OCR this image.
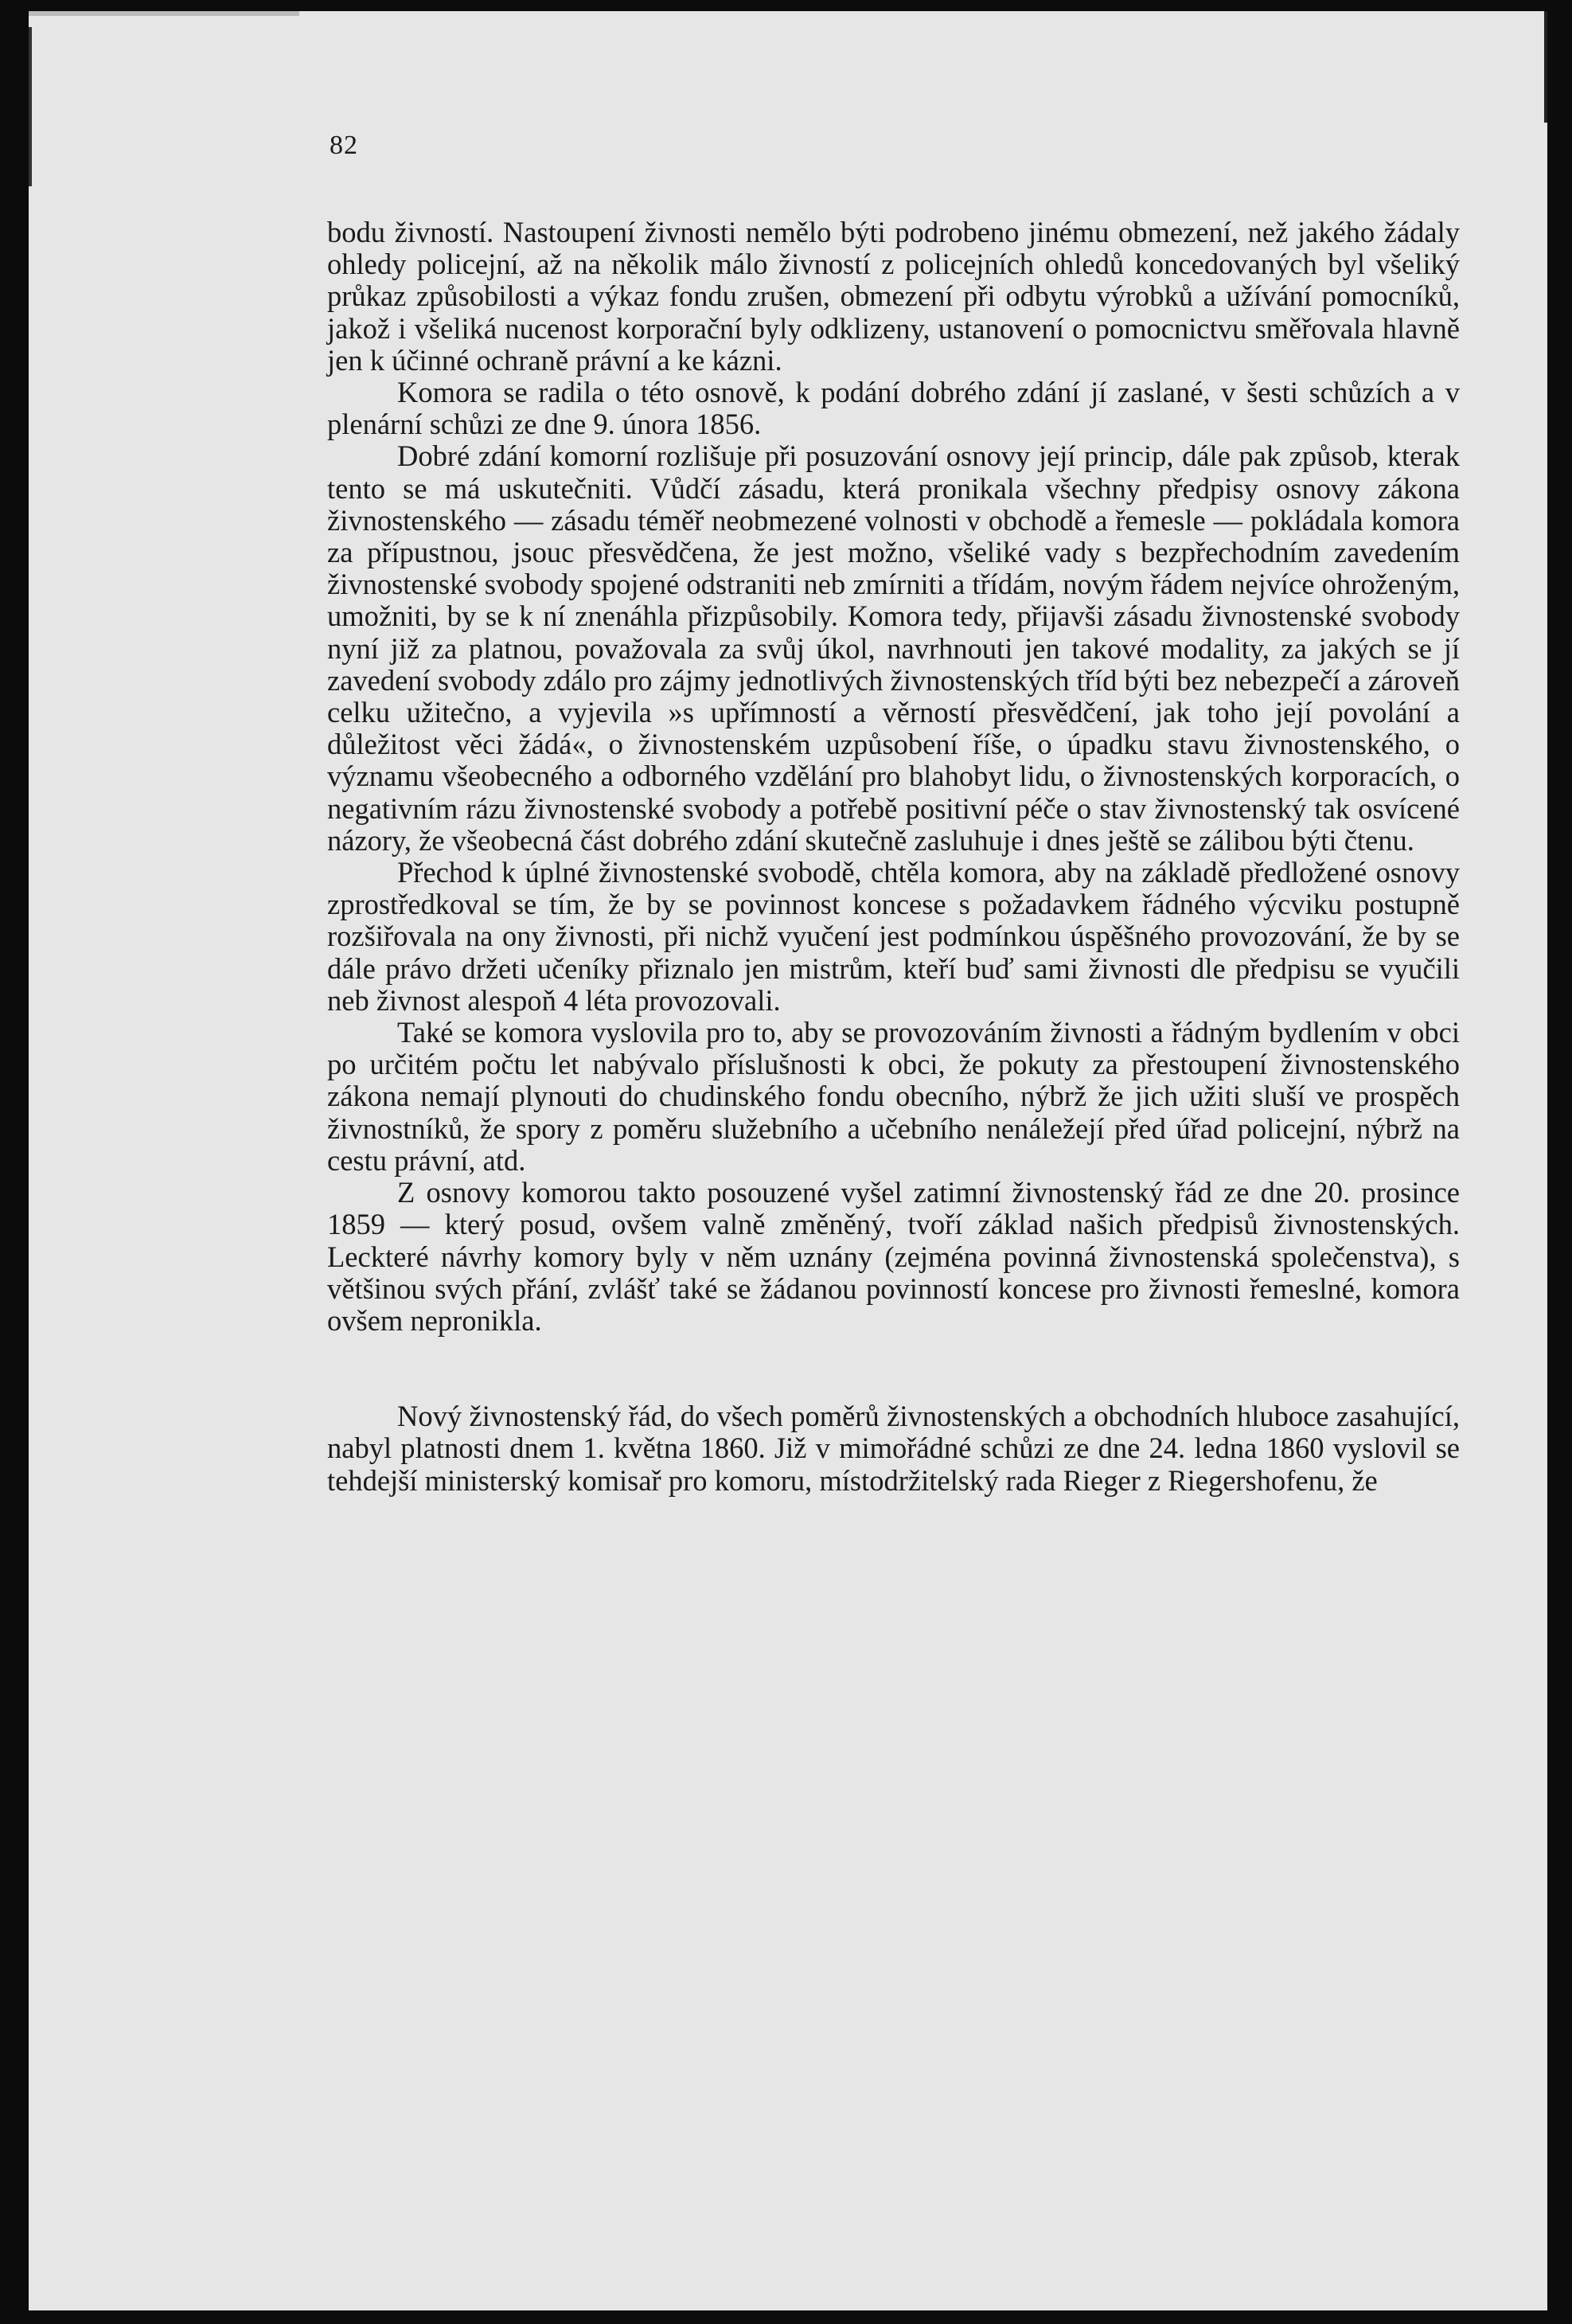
82

bodu živností. Nastoupení živnosti nemělo býti podrobeno jinému obmezení, než jakého žádaly ohledy policejní, až na několik málo živností z policejních ohledů koncedovaných byl všeliký průkaz způsobilosti a výkaz fondu zrušen, obmezení při odbytu výrobků a užívání pomocníků, jakož i všeliká nucenost korporační byly odklizeny, ustanovení o pomocnictvu směřovala hlavně jen k účinné ochraně právní a ke kázni.

Komora se radila o této osnově, k podání dobrého zdání jí zaslané, v šesti schůzích a v plenární schůzi ze dne 9. února 1856.

Dobré zdání komorní rozlišuje při posuzování osnovy její princip, dále pak způsob, kterak tento se má uskutečniti. Vůdčí zásadu, která pronikala všechny předpisy osnovy zákona živnostenského — zásadu téměř neobmezené volnosti v obchodě a řemesle — pokládala komora za přípustnou, jsouc přesvědčena, že jest možno, všeliké vady s bezpřechodním zavedením živnostenské svobody spojené odstraniti neb zmírniti a třídám, novým řádem nejvíce ohroženým, umožniti, by se k ní znenáhla přizpůsobily. Komora tedy, přijavši zásadu živnostenské svobody nyní již za platnou, považovala za svůj úkol, navrhnouti jen takové modality, za jakých se jí zavedení svobody zdálo pro zájmy jednotlivých živnostenských tříd býti bez nebezpečí a zároveň celku užitečno, a vyjevila »s upřímností a věrností přesvědčení, jak toho její povolání a důležitost věci žádá«, o živnostenském uzpůsobení říše, o úpadku stavu živnostenského, o významu všeobecného a odborného vzdělání pro blahobyt lidu, o živnostenských korporacích, o negativním rázu živnostenské svobody a potřebě positivní péče o stav živnostenský tak osvícené názory, že všeobecná část dobrého zdání skutečně zasluhuje i dnes ještě se zálibou býti čtenu.

Přechod k úplné živnostenské svobodě, chtěla komora, aby na základě předložené osnovy zprostředkoval se tím, že by se povinnost koncese s požadavkem řádného výcviku postupně rozšiřovala na ony živnosti, při nichž vyučení jest podmínkou úspěšného provozování, že by se dále právo držeti učeníky přiznalo jen mistrům, kteří buď sami živnosti dle předpisu se vyučili neb živnost alespoň 4 léta provozovali.

Také se komora vyslovila pro to, aby se provozováním živnosti a řádným bydlením v obci po určitém počtu let nabývalo příslušnosti k obci, že pokuty za přestoupení živnostenského zákona nemají plynouti do chudinského fondu obecního, nýbrž že jich užiti sluší ve prospěch živnostníků, že spory z poměru služebního a učebního nenáležejí před úřad policejní, nýbrž na cestu právní, atd.

Z osnovy komorou takto posouzené vyšel zatimní živnostenský řád ze dne 20. prosince 1859 — který posud, ovšem valně změněný, tvoří základ našich předpisů živnostenských. Leckteré návrhy komory byly v něm uznány (zejména povinná živnostenská společenstva), s většinou svých přání, zvlášť také se žádanou povinností koncese pro živnosti řemeslné, komora ovšem nepronikla.

Nový živnostenský řád, do všech poměrů živnostenských a obchodních hluboce zasahující, nabyl platnosti dnem 1. května 1860. Již v mimořádné schůzi ze dne 24. ledna 1860 vyslovil se tehdejší ministerský komisař pro komoru, místodržitelský rada Rieger z Riegershofenu, že
